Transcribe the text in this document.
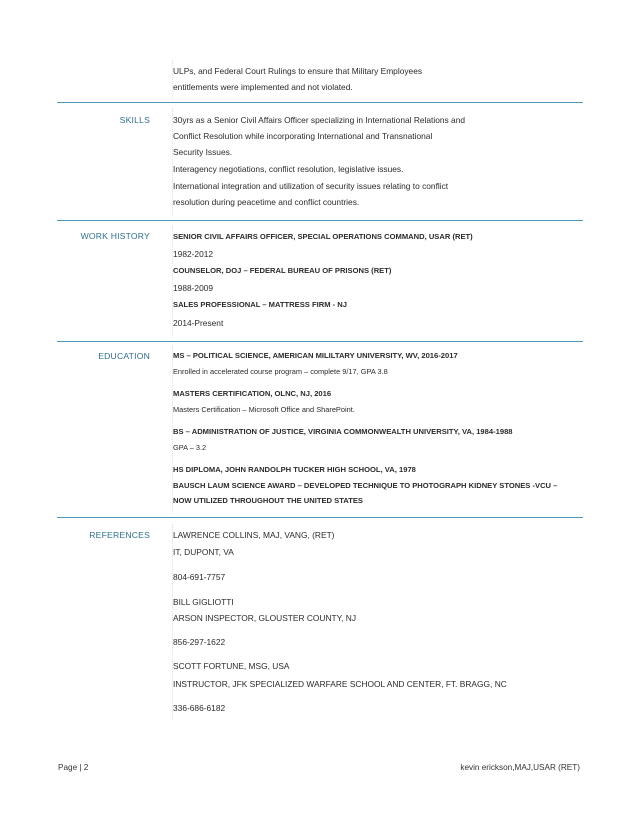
ULPs, and Federal Court Rulings to ensure that Military Employees
entitlements were implemented and not violated.
SKILLS	30yrs as a Senior Civil Affairs Officer specializing in International Relations and
Conflict Resolution while incorporating International and Transnational
Security Issues.
Interagency negotiations, conflict resolution, legislative issues.
International integration and utilization of security issues relating to conflict
resolution during peacetime and conflict countries.
WORK HISTORY	SENIOR CIVIL AFFAIRS OFFICER, SPECIAL OPERATIONS COMMAND, USAR (RET)
1982-2012
COUNSELOR, DOJ – FEDERAL BUREAU OF PRISONS (RET)
1988-2009
SALES PROFESSIONAL – MATTRESS FIRM - NJ
2014-Present
EDUCATION	MS – POLITICAL SCIENCE, AMERICAN MILILTARY UNIVERSITY, WV, 2016-2017
Enrolled in accelerated course program – complete 9/17, GPA 3.8
MASTERS CERTIFICATION, OLNC, NJ, 2016
Masters Certification – Microsoft Office and SharePoint.
BS – ADMINISTRATION OF JUSTICE, VIRGINIA COMMONWEALTH UNIVERSITY, VA, 1984-1988
GPA – 3.2
HS DIPLOMA, JOHN RANDOLPH TUCKER HIGH SCHOOL, VA, 1978
BAUSCH LAUM SCIENCE AWARD – DEVELOPED TECHNIQUE TO PHOTOGRAPH KIDNEY STONES -VCU –
NOW UTILIZED THROUGHOUT THE UNITED STATES
REFERENCES	LAWRENCE COLLINS, MAJ, VANG, (RET)
IT, DUPONT, VA
804-691-7757
BILL GIGLIOTTI
ARSON INSPECTOR, GLOUSTER COUNTY, NJ
856-297-1622
SCOTT FORTUNE, MSG, USA
INSTRUCTOR, JFK SPECIALIZED WARFARE SCHOOL AND CENTER, FT. BRAGG, NC
336-686-6182
Page | 2	kevin erickson,MAJ,USAR (RET)
